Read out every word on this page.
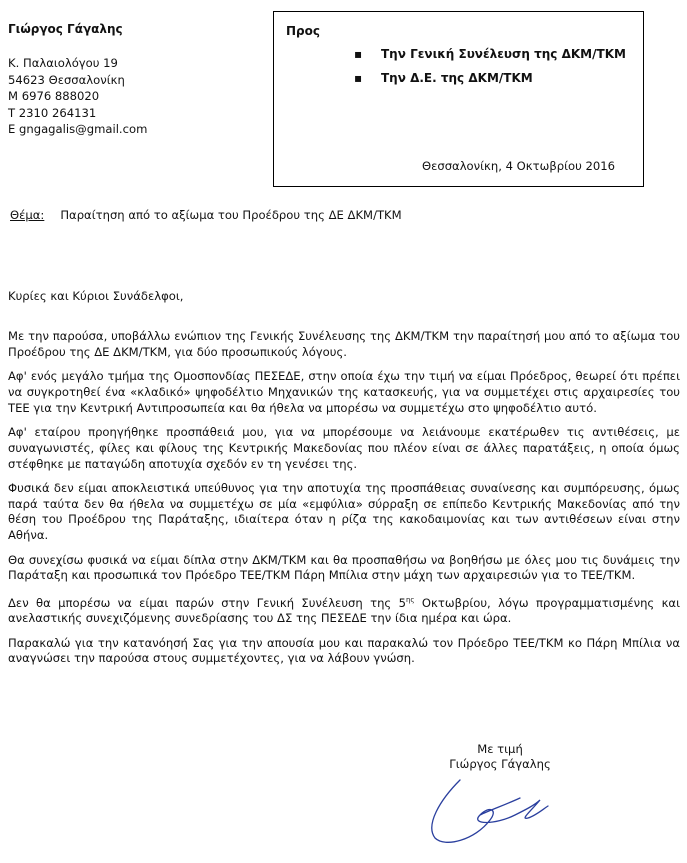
Γιώργος Γάγαλης
Κ. Παλαιολόγου 19
54623 Θεσσαλονίκη
Μ 6976 888020
Τ 2310 264131
E gngagalis@gmail.com
Προς
▪ Την Γενική Συνέλευση της ΔΚΜ/ΤΚΜ
▪ Την Δ.Ε. της ΔΚΜ/ΤΚΜ
Θεσσαλονίκη, 4 Οκτωβρίου 2016
Θέμα: Παραίτηση από το αξίωμα του Προέδρου της ΔΕ ΔΚΜ/ΤΚΜ
Κυρίες και Κύριοι Συνάδελφοι,

Με την παρούσα, υποβάλλω ενώπιον της Γενικής Συνέλευσης της ΔΚΜ/ΤΚΜ την παραίτησή μου από το αξίωμα του Προέδρου της ΔΕ ΔΚΜ/ΤΚΜ, για δύο προσωπικούς λόγους.

Αφ' ενός μεγάλο τμήμα της Ομοσπονδίας ΠΕΣΕΔΕ, στην οποία έχω την τιμή να είμαι Πρόεδρος, θεωρεί ότι πρέπει να συγκροτηθεί ένα «κλαδικό» ψηφοδέλτιο Μηχανικών της κατασκευής, για να συμμετέχει στις αρχαιρεσίες του ΤΕΕ για την Κεντρική Αντιπροσωπεία και θα ήθελα να μπορέσω να συμμετέχω στο ψηφοδέλτιο αυτό.

Αφ' εταίρου προηγήθηκε προσπάθειά μου, για να μπορέσουμε να λειάνουμε εκατέρωθεν τις αντιθέσεις, με συναγωνιστές, φίλες και φίλους της Κεντρικής Μακεδονίας που πλέον είναι σε άλλες παρατάξεις, η οποία όμως στέφθηκε με παταγώδη αποτυχία σχεδόν εν τη γενέσει της.

Φυσικά δεν είμαι αποκλειστικά υπεύθυνος για την αποτυχία της προσπάθειας συναίνεσης και συμπόρευσης, όμως παρά ταύτα δεν θα ήθελα να συμμετέχω σε μία «εμφύλια» σύρραξη σε επίπεδο Κεντρικής Μακεδονίας από την θέση του Προέδρου της Παράταξης, ιδιαίτερα όταν η ρίζα της κακοδαιμονίας και των αντιθέσεων είναι στην Αθήνα.

Θα συνεχίσω φυσικά να είμαι δίπλα στην ΔΚΜ/ΤΚΜ και θα προσπαθήσω να βοηθήσω με όλες μου τις δυνάμεις την Παράταξη και προσωπικά τον Πρόεδρο ΤΕΕ/ΤΚΜ Πάρη Μπίλια στην μάχη των αρχαιρεσιών για το ΤΕΕ/ΤΚΜ.

Δεν θα μπορέσω να είμαι παρών στην Γενική Συνέλευση της $5^{\eta\varsigma}$ Οκτωβρίου, λόγω προγραμματισμένης και ανελαστικής συνεχιζόμενης συνεδρίασης του ΔΣ της ΠΕΣΕΔΕ την ίδια ημέρα και ώρα.

Παρακαλώ για την κατανόησή Σας για την απουσία μου και παρακαλώ τον Πρόεδρο ΤΕΕ/ΤΚΜ κο Πάρη Μπίλια να αναγνώσει την παρούσα στους συμμετέχοντες, για να λάβουν γνώση.

Με τιμή
Γιώργος Γάγαλης
